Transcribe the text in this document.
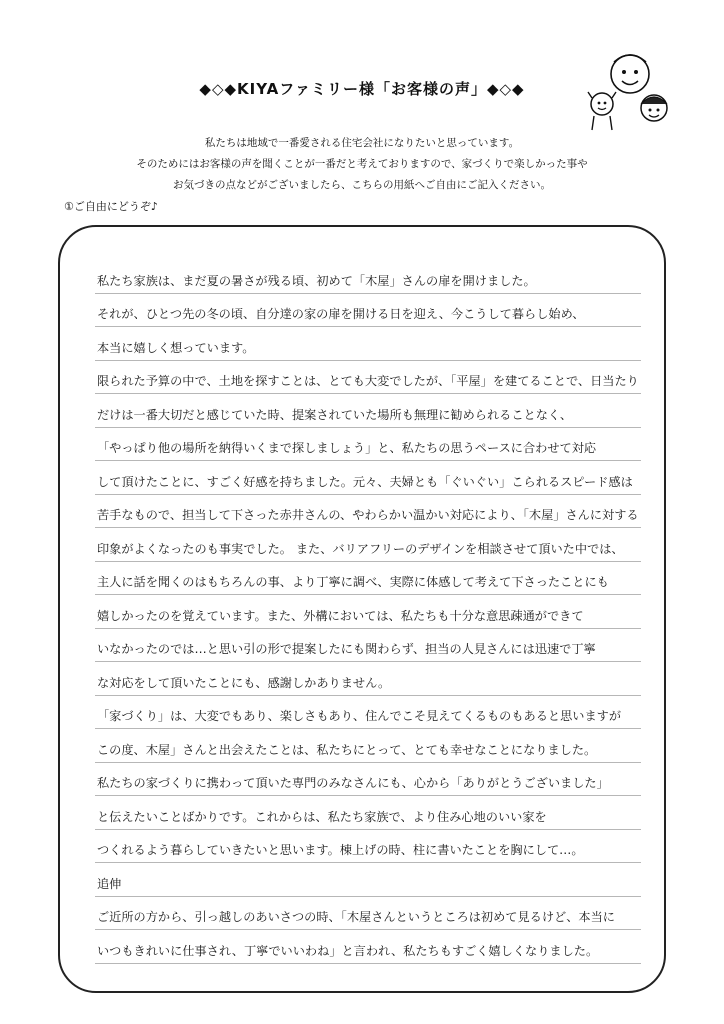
◆◇◆KIYAファミリー様「お客様の声」◆◇◆
私たちは地域で一番愛される住宅会社になりたいと思っています。
そのためにはお客様の声を聞くことが一番だと考えておりますので、家づくりで楽しかった事や
お気づきの点などがございましたら、こちらの用紙へご自由にご記入ください。
①ご自由にどうぞ♪
私たち家族は、まだ夏の暑さが残る頃、初めて「木屋」さんの扉を開けました。
それが、ひとつ先の冬の頃、自分達の家の扉を開ける日を迎え、今こうして暮らし始め、
本当に嬉しく想っています。
限られた予算の中で、土地を探すことは、とても大変でしたが、「平屋」を建てることで、日当たり
だけは一番大切だと感じていた時、提案されていた場所も無理に勧められることなく、
「やっぱり他の場所を納得いくまで探しましょう」と、私たちの思うペースに合わせて対応
して頂けたことに、すごく好感を持ちました。元々、夫婦とも「ぐいぐい」こられるスピード感は
苦手なもので、担当して下さった赤井さんの、やわらかい温かい対応により、「木屋」さんに対する
印象がよくなったのも事実でした。 また、バリアフリーのデザインを相談させて頂いた中では、
主人に話を聞くのはもちろんの事、より丁寧に調べ、実際に体感して考えて下さったことにも
嬉しかったのを覚えています。また、外構においては、私たちも十分な意思疎通ができて
いなかったのでは…と思い引の形で提案したにも関わらず、担当の人見さんには迅速で丁寧
な対応をして頂いたことにも、感謝しかありません。
「家づくり」は、大変でもあり、楽しさもあり、住んでこそ見えてくるものもあると思いますが
この度、木屋」さんと出会えたことは、私たちにとって、とても幸せなことになりました。
私たちの家づくりに携わって頂いた専門のみなさんにも、心から「ありがとうございました」
と伝えたいことばかりです。これからは、私たち家族で、より住み心地のいい家を
つくれるよう暮らしていきたいと思います。棟上げの時、柱に書いたことを胸にして…。
追伸
ご近所の方から、引っ越しのあいさつの時、「木屋さんというところは初めて見るけど、本当に
いつもきれいに仕事され、丁寧でいいわね」と言われ、私たちもすごく嬉しくなりました。
